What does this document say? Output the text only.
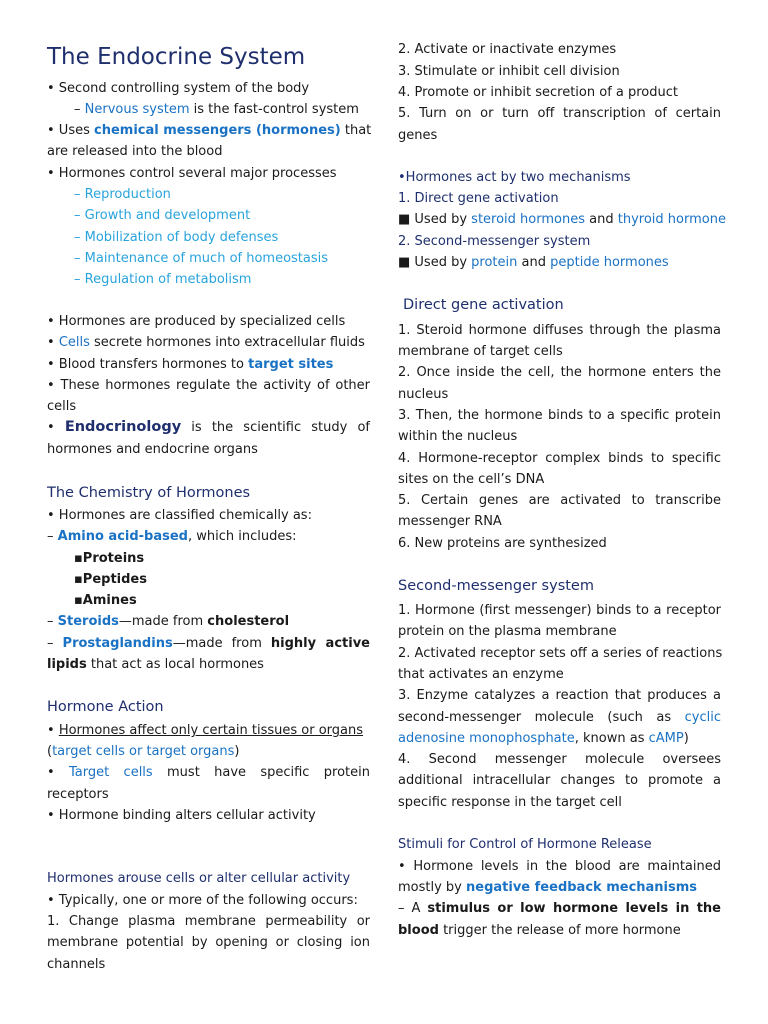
The Endocrine System
• Second controlling system of the body
– Nervous system is the fast-control system
• Uses chemical messengers (hormones) that
are released into the blood
• Hormones control several major processes
– Reproduction
– Growth and development
– Mobilization of body defenses
– Maintenance of much of homeostasis
– Regulation of metabolism
• Hormones are produced by specialized cells
• Cells secrete hormones into extracellular fluids
• Blood transfers hormones to target sites
• These hormones regulate the activity of other
cells
• Endocrinology is the scientific study of
hormones and endocrine organs
The Chemistry of Hormones
• Hormones are classified chemically as:
– Amino acid-based, which includes:
▪Proteins
▪Peptides
▪Amines
– Steroids—made from cholesterol
– Prostaglandins—made from highly active
lipids that act as local hormones
Hormone Action
• Hormones affect only certain tissues or organs
(target cells or target organs)
• Target cells must have specific protein
receptors
• Hormone binding alters cellular activity
Hormones arouse cells or alter cellular activity
• Typically, one or more of the following occurs:
1. Change plasma membrane permeability or
membrane potential by opening or closing ion
channels
2. Activate or inactivate enzymes
3. Stimulate or inhibit cell division
4. Promote or inhibit secretion of a product
5. Turn on or turn off transcription of certain
genes
•Hormones act by two mechanisms
1. Direct gene activation
■ Used by steroid hormones and thyroid hormone
2. Second-messenger system
■ Used by protein and peptide hormones
Direct gene activation
1. Steroid hormone diffuses through the plasma
membrane of target cells
2. Once inside the cell, the hormone enters the
nucleus
3. Then, the hormone binds to a specific protein
within the nucleus
4. Hormone-receptor complex binds to specific
sites on the cell’s DNA
5. Certain genes are activated to transcribe
messenger RNA
6. New proteins are synthesized
Second-messenger system
1. Hormone (first messenger) binds to a receptor
protein on the plasma membrane
2. Activated receptor sets off a series of reactions
that activates an enzyme
3. Enzyme catalyzes a reaction that produces a
second-messenger molecule (such as cyclic
adenosine monophosphate, known as cAMP)
4. Second messenger molecule oversees
additional intracellular changes to promote a
specific response in the target cell
Stimuli for Control of Hormone Release
• Hormone levels in the blood are maintained
mostly by negative feedback mechanisms
– A stimulus or low hormone levels in the
blood trigger the release of more hormone
